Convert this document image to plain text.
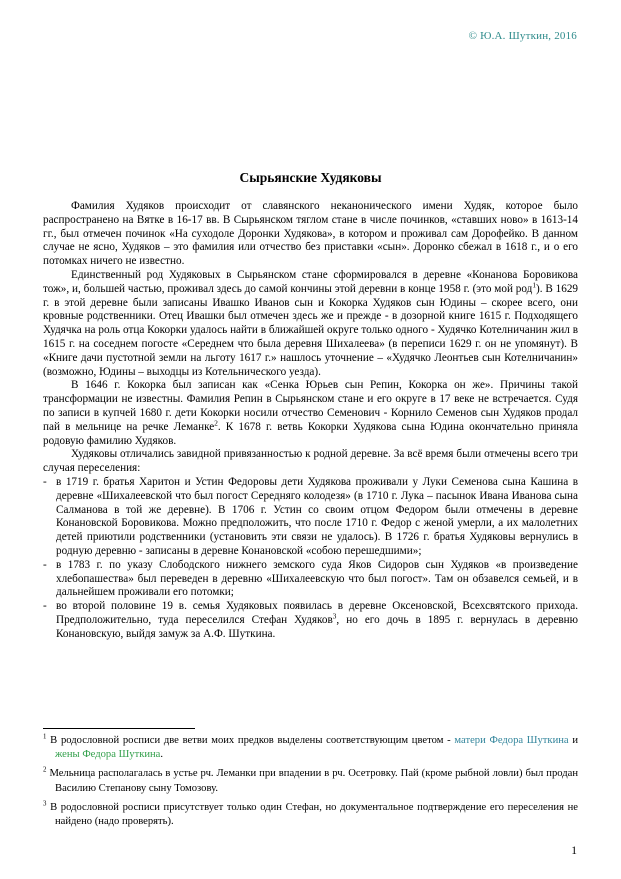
© Ю.А. Шуткин, 2016
Сырьянские Худяковы

Фамилия Худяков происходит от славянского неканонического имени Худяк, которое было распространено на Вятке в 16-17 вв. В Сырьянском тяглом стане в числе починков, «ставших ново» в 1613-14 гг., был отмечен починок «На суходоле Доронки Худякова», в котором и проживал сам Дорофейко. В данном случае не ясно, Худяков – это фамилия или отчество без приставки «сын». Доронко сбежал в 1618 г., и о его потомках ничего не известно.

Единственный род Худяковых в Сырьянском стане сформировался в деревне «Конанова Боровикова тож», и, большей частью, проживал здесь до самой кончины этой деревни в конце 1958 г. (это мой род$^1$). В 1629 г. в этой деревне были записаны Ивашко Иванов сын и Кокорка Худяков сын Юдины – скорее всего, они кровные родственники. Отец Ивашки был отмечен здесь же и прежде - в дозорной книге 1615 г. Подходящего Худячка на роль отца Кокорки удалось найти в ближайшей округе только одного - Худячко Котелничанин жил в 1615 г. на соседнем погосте «Середнем что была деревня Шихалеева» (в переписи 1629 г. он не упомянут). В «Книге дачи пустотной земли на льготу 1617 г.» нашлось уточнение – «Худячко Леонтьев сын Котелничанин» (возможно, Юдины – выходцы из Котельнического уезда).

В 1646 г. Кокорка был записан как «Сенка Юрьев сын Репин, Кокорка он же». Причины такой трансформации не известны. Фамилия Репин в Сырьянском стане и его округе в 17 веке не встречается. Судя по записи в купчей 1680 г. дети Кокорки носили отчество Семенович - Корнило Семенов сын Худяков продал пай в мельнице на речке Леманке$^2$. К 1678 г. ветвь Кокорки Худякова сына Юдина окончательно приняла родовую фамилию Худяков.

Худяковы отличались завидной привязанностью к родной деревне. За всё время были отмечены всего три случая переселения:

- в 1719 г. братья Харитон и Устин Федоровы дети Худякова проживали у Луки Семенова сына Кашина в деревне «Шихалеевской что был погост Середняго колодезя» (в 1710 г. Лука – пасынок Ивана Иванова сына Салманова в той же деревне). В 1706 г. Устин со своим отцом Федором были отмечены в деревне Конановской Боровикова. Можно предположить, что после 1710 г. Федор с женой умерли, а их малолетних детей приютили родственники (установить эти связи не удалось). В 1726 г. братья Худяковы вернулись в родную деревню - записаны в деревне Конановской «собою перешедшими»;
- в 1783 г. по указу Слободского нижнего земского суда Яков Сидоров сын Худяков «в произведение хлебопашества» был переведен в деревню «Шихалеевскую что был погост». Там он обзавелся семьей, и в дальнейшем проживали его потомки;
- во второй половине 19 в. семья Худяковых появилась в деревне Оксеновской, Всехсвятского прихода. Предположительно, туда переселился Стефан Худяков$^3$, но его дочь в 1895 г. вернулась в деревню Конановскую, выйдя замуж за А.Ф. Шуткина.
$^1$ В родословной росписи две ветви моих предков выделены соответствующим цветом - матери Федора Шуткина и жены Федора Шуткина.
$^2$ Мельница располагалась в устье рч. Леманки при впадении в рч. Осетровку. Пай (кроме рыбной ловли) был продан Василию Степанову сыну Томозову.
$^3$ В родословной росписи присутствует только один Стефан, но документальное подтверждение его переселения не найдено (надо проверять).
1
